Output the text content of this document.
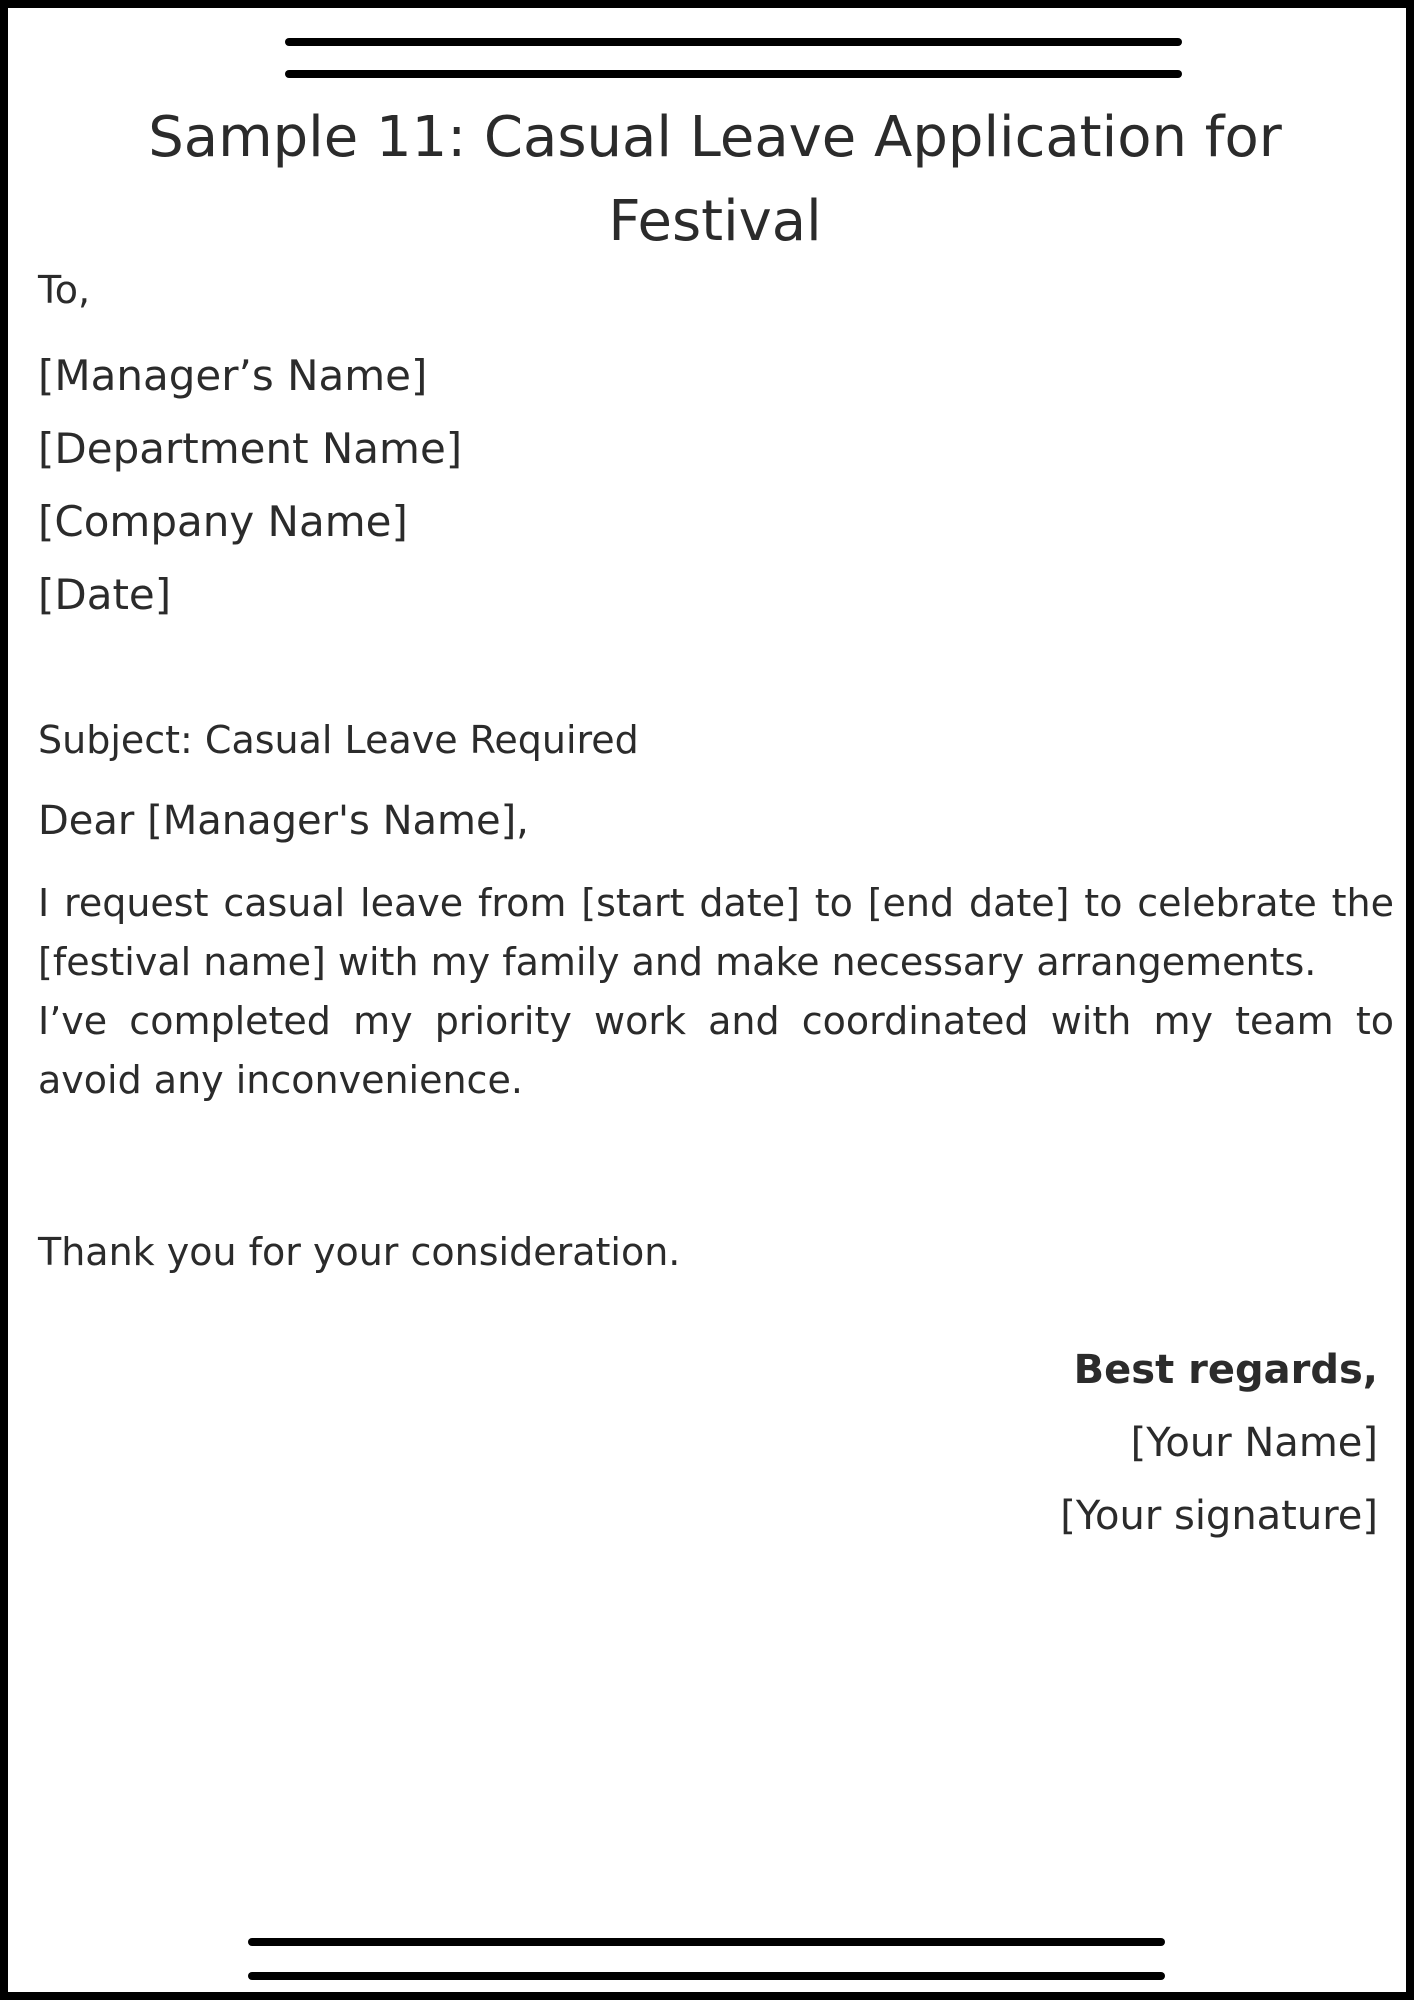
Sample 11: Casual Leave Application for Festival
To,
[Manager’s Name]
[Department Name]
[Company Name]
[Date]
Subject: Casual Leave Required
Dear [Manager's Name],

I request casual leave from [start date] to [end date] to celebrate the [festival name] with my family and make necessary arrangements.

I’ve completed my priority work and coordinated with my team to avoid any inconvenience.

Thank you for your consideration.
Best regards,
[Your Name]
[Your signature]
